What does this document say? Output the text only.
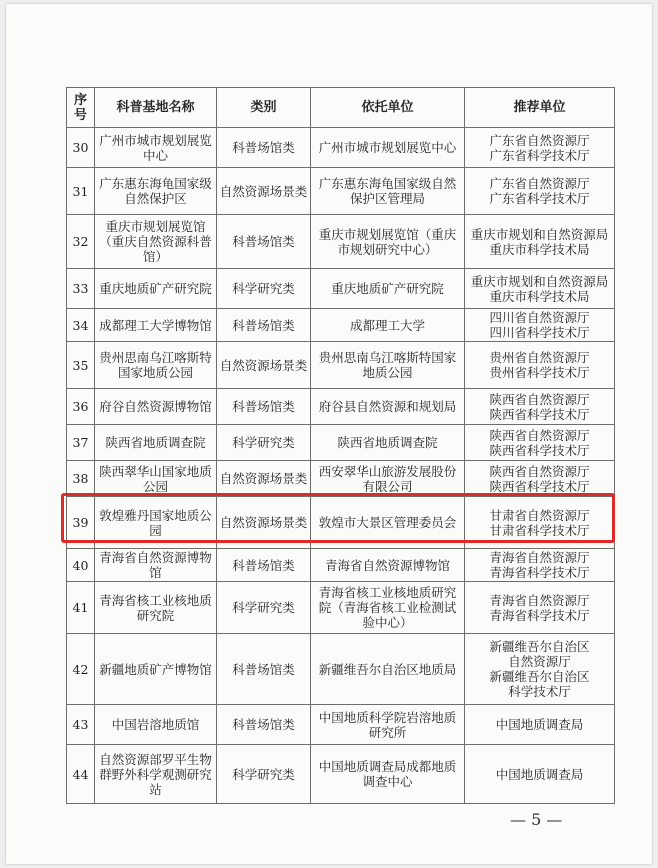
序号	科普基地名称	类别	依托单位	推荐单位
30	广州市城市规划展览中心	科普场馆类	广州市城市规划展览中心	广东省自然资源厅
广东省科学技术厅
31	广东惠东海龟国家级自然保护区	自然资源场景类	广东惠东海龟国家级自然保护区管理局	广东省自然资源厅
广东省科学技术厅
32	重庆市规划展览馆（重庆自然资源科普馆）	科普场馆类	重庆市规划展览馆（重庆市规划研究中心）	重庆市规划和自然资源局
重庆市科学技术局
33	重庆地质矿产研究院	科学研究类	重庆地质矿产研究院	重庆市规划和自然资源局
重庆市科学技术局
34	成都理工大学博物馆	科普场馆类	成都理工大学	四川省自然资源厅
四川省科学技术厅
35	贵州思南乌江喀斯特国家地质公园	自然资源场景类	贵州思南乌江喀斯特国家地质公园	贵州省自然资源厅
贵州省科学技术厅
36	府谷自然资源博物馆	科普场馆类	府谷县自然资源和规划局	陕西省自然资源厅
陕西省科学技术厅
37	陕西省地质调查院	科学研究类	陕西省地质调查院	陕西省自然资源厅
陕西省科学技术厅
38	陕西翠华山国家地质公园	自然资源场景类	西安翠华山旅游发展股份有限公司	陕西省自然资源厅
陕西省科学技术厅
39	敦煌雅丹国家地质公园	自然资源场景类	敦煌市大景区管理委员会	甘肃省自然资源厅
甘肃省科学技术厅
40	青海省自然资源博物馆	科普场馆类	青海省自然资源博物馆	青海省自然资源厅
青海省科学技术厅
41	青海省核工业核地质研究院	科学研究类	青海省核工业核地质研究院（青海省核工业检测试验中心）	青海省自然资源厅
青海省科学技术厅
42	新疆地质矿产博物馆	科普场馆类	新疆维吾尔自治区地质局	新疆维吾尔自治区
自然资源厅
新疆维吾尔自治区
科学技术厅
43	中国岩溶地质馆	科普场馆类	中国地质科学院岩溶地质研究所	中国地质调查局
44	自然资源部罗平生物群野外科学观测研究站	科学研究类	中国地质调查局成都地质调查中心	中国地质调查局
— 5 —
